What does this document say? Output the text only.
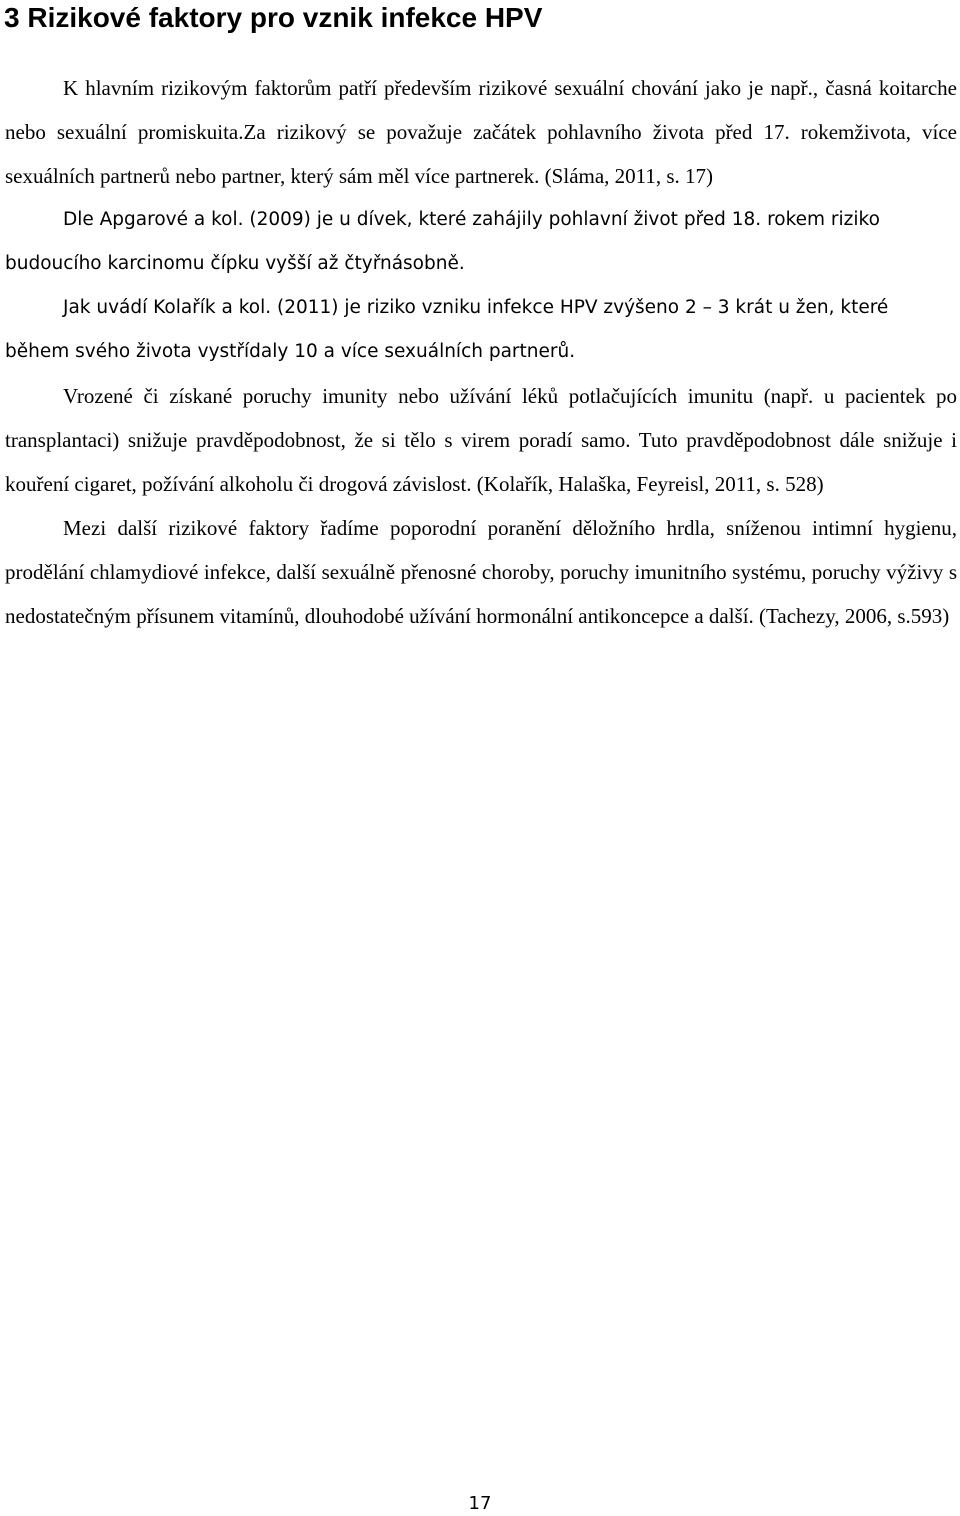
3 Rizikové faktory pro vznik infekce HPV

K hlavním rizikovým faktorům patří především rizikové sexuální chování jako je např., časná koitarche nebo sexuální promiskuita.Za rizikový se považuje začátek pohlavního života před 17. rokemživota, více sexuálních partnerů nebo partner, který sám měl více partnerek. (Sláma, 2011, s. 17)

Dle Apgarové a kol. (2009) je u dívek, které zahájily pohlavní život před 18. rokem riziko budoucího karcinomu čípku vyšší až čtyřnásobně.

Jak uvádí Kolařík a kol. (2011) je riziko vzniku infekce HPV zvýšeno 2 – 3 krát u žen, které během svého života vystřídaly 10 a více sexuálních partnerů.

Vrozené či získané poruchy imunity nebo užívání léků potlačujících imunitu (např. u pacientek po transplantaci) snižuje pravděpodobnost, že si tělo s virem poradí samo. Tuto pravděpodobnost dále snižuje i kouření cigaret, požívání alkoholu či drogová závislost. (Kolařík, Halaška, Feyreisl, 2011, s. 528)

Mezi další rizikové faktory řadíme poporodní poranění děložního hrdla, sníženou intimní hygienu, prodělání chlamydiové infekce, další sexuálně přenosné choroby, poruchy imunitního systému, poruchy výživy s nedostatečným přísunem vitamínů, dlouhodobé užívání hormonální antikoncepce a další. (Tachezy, 2006, s.593)

17
